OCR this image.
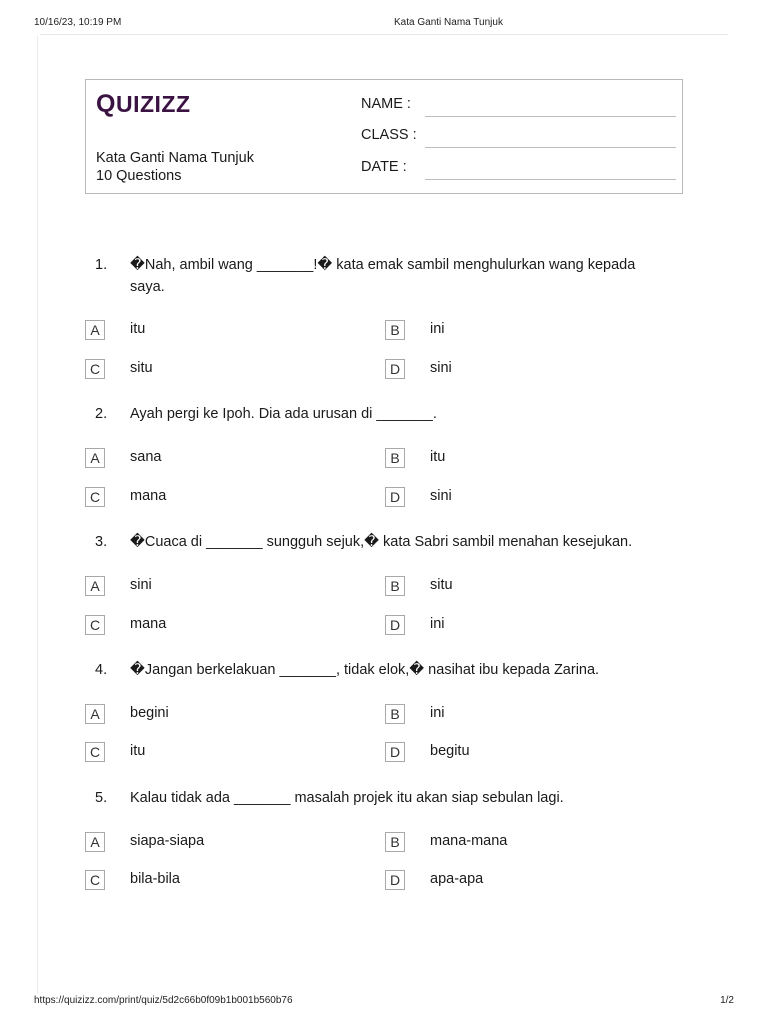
10/16/23, 10:19 PM	Kata Ganti Nama Tunjuk
QUIZIZZ
Kata Ganti Nama Tunjuk
10 Questions
NAME :
CLASS :
DATE :
1. �Nah, ambil wang _______!� kata emak sambil menghulurkan wang kepada saya.
A	itu	B	ini
C	situ	D	sini
2. Ayah pergi ke Ipoh. Dia ada urusan di _______.
A	sana	B	itu
C	mana	D	sini
3. �Cuaca di _______ sungguh sejuk,� kata Sabri sambil menahan kesejukan.
A	sini	B	situ
C	mana	D	ini
4. �Jangan berkelakuan _______, tidak elok,� nasihat ibu kepada Zarina.
A	begini	B	ini
C	itu	D	begitu
5. Kalau tidak ada _______ masalah projek itu akan siap sebulan lagi.
A	siapa-siapa	B	mana-mana
C	bila-bila	D	apa-apa
https://quizizz.com/print/quiz/5d2c66b0f09b1b001b560b76	1/2
